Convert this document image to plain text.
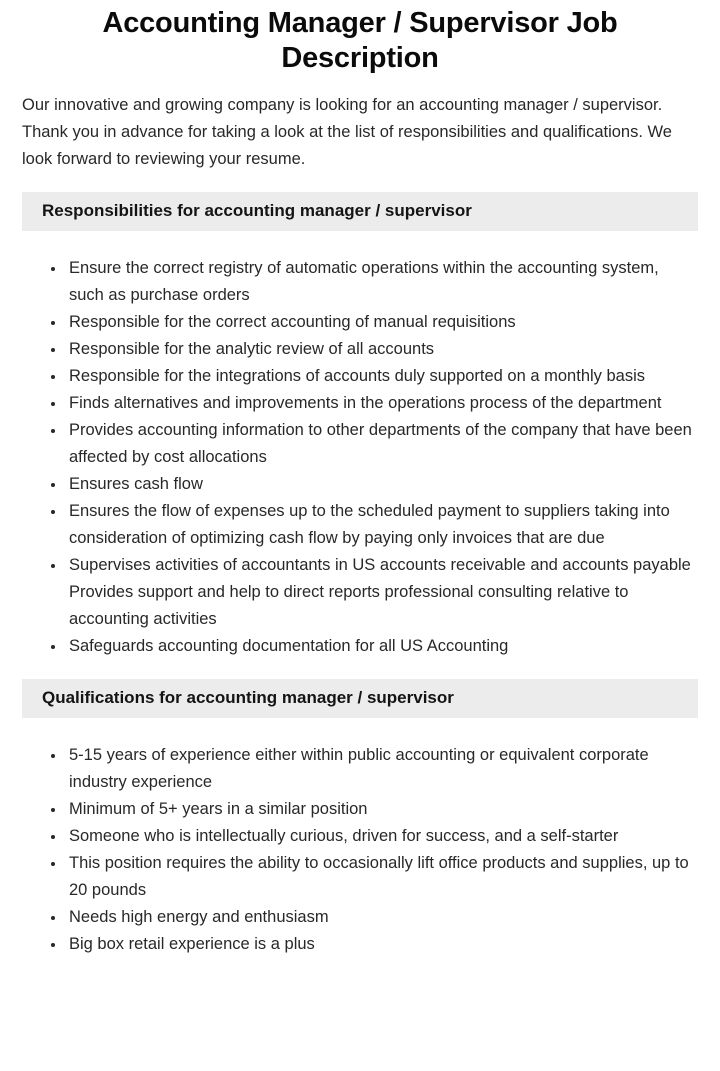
Accounting Manager / Supervisor Job Description

Our innovative and growing company is looking for an accounting manager / supervisor. Thank you in advance for taking a look at the list of responsibilities and qualifications. We look forward to reviewing your resume.

Responsibilities for accounting manager / supervisor
• Ensure the correct registry of automatic operations within the accounting system, such as purchase orders
• Responsible for the correct accounting of manual requisitions
• Responsible for the analytic review of all accounts
• Responsible for the integrations of accounts duly supported on a monthly basis
• Finds alternatives and improvements in the operations process of the department
• Provides accounting information to other departments of the company that have been affected by cost allocations
• Ensures cash flow
• Ensures the flow of expenses up to the scheduled payment to suppliers taking into consideration of optimizing cash flow by paying only invoices that are due
• Supervises activities of accountants in US accounts receivable and accounts payable Provides support and help to direct reports professional consulting relative to accounting activities
• Safeguards accounting documentation for all US Accounting
Qualifications for accounting manager / supervisor
• 5-15 years of experience either within public accounting or equivalent corporate industry experience
• Minimum of 5+ years in a similar position
• Someone who is intellectually curious, driven for success, and a self-starter
• This position requires the ability to occasionally lift office products and supplies, up to 20 pounds
• Needs high energy and enthusiasm
• Big box retail experience is a plus
